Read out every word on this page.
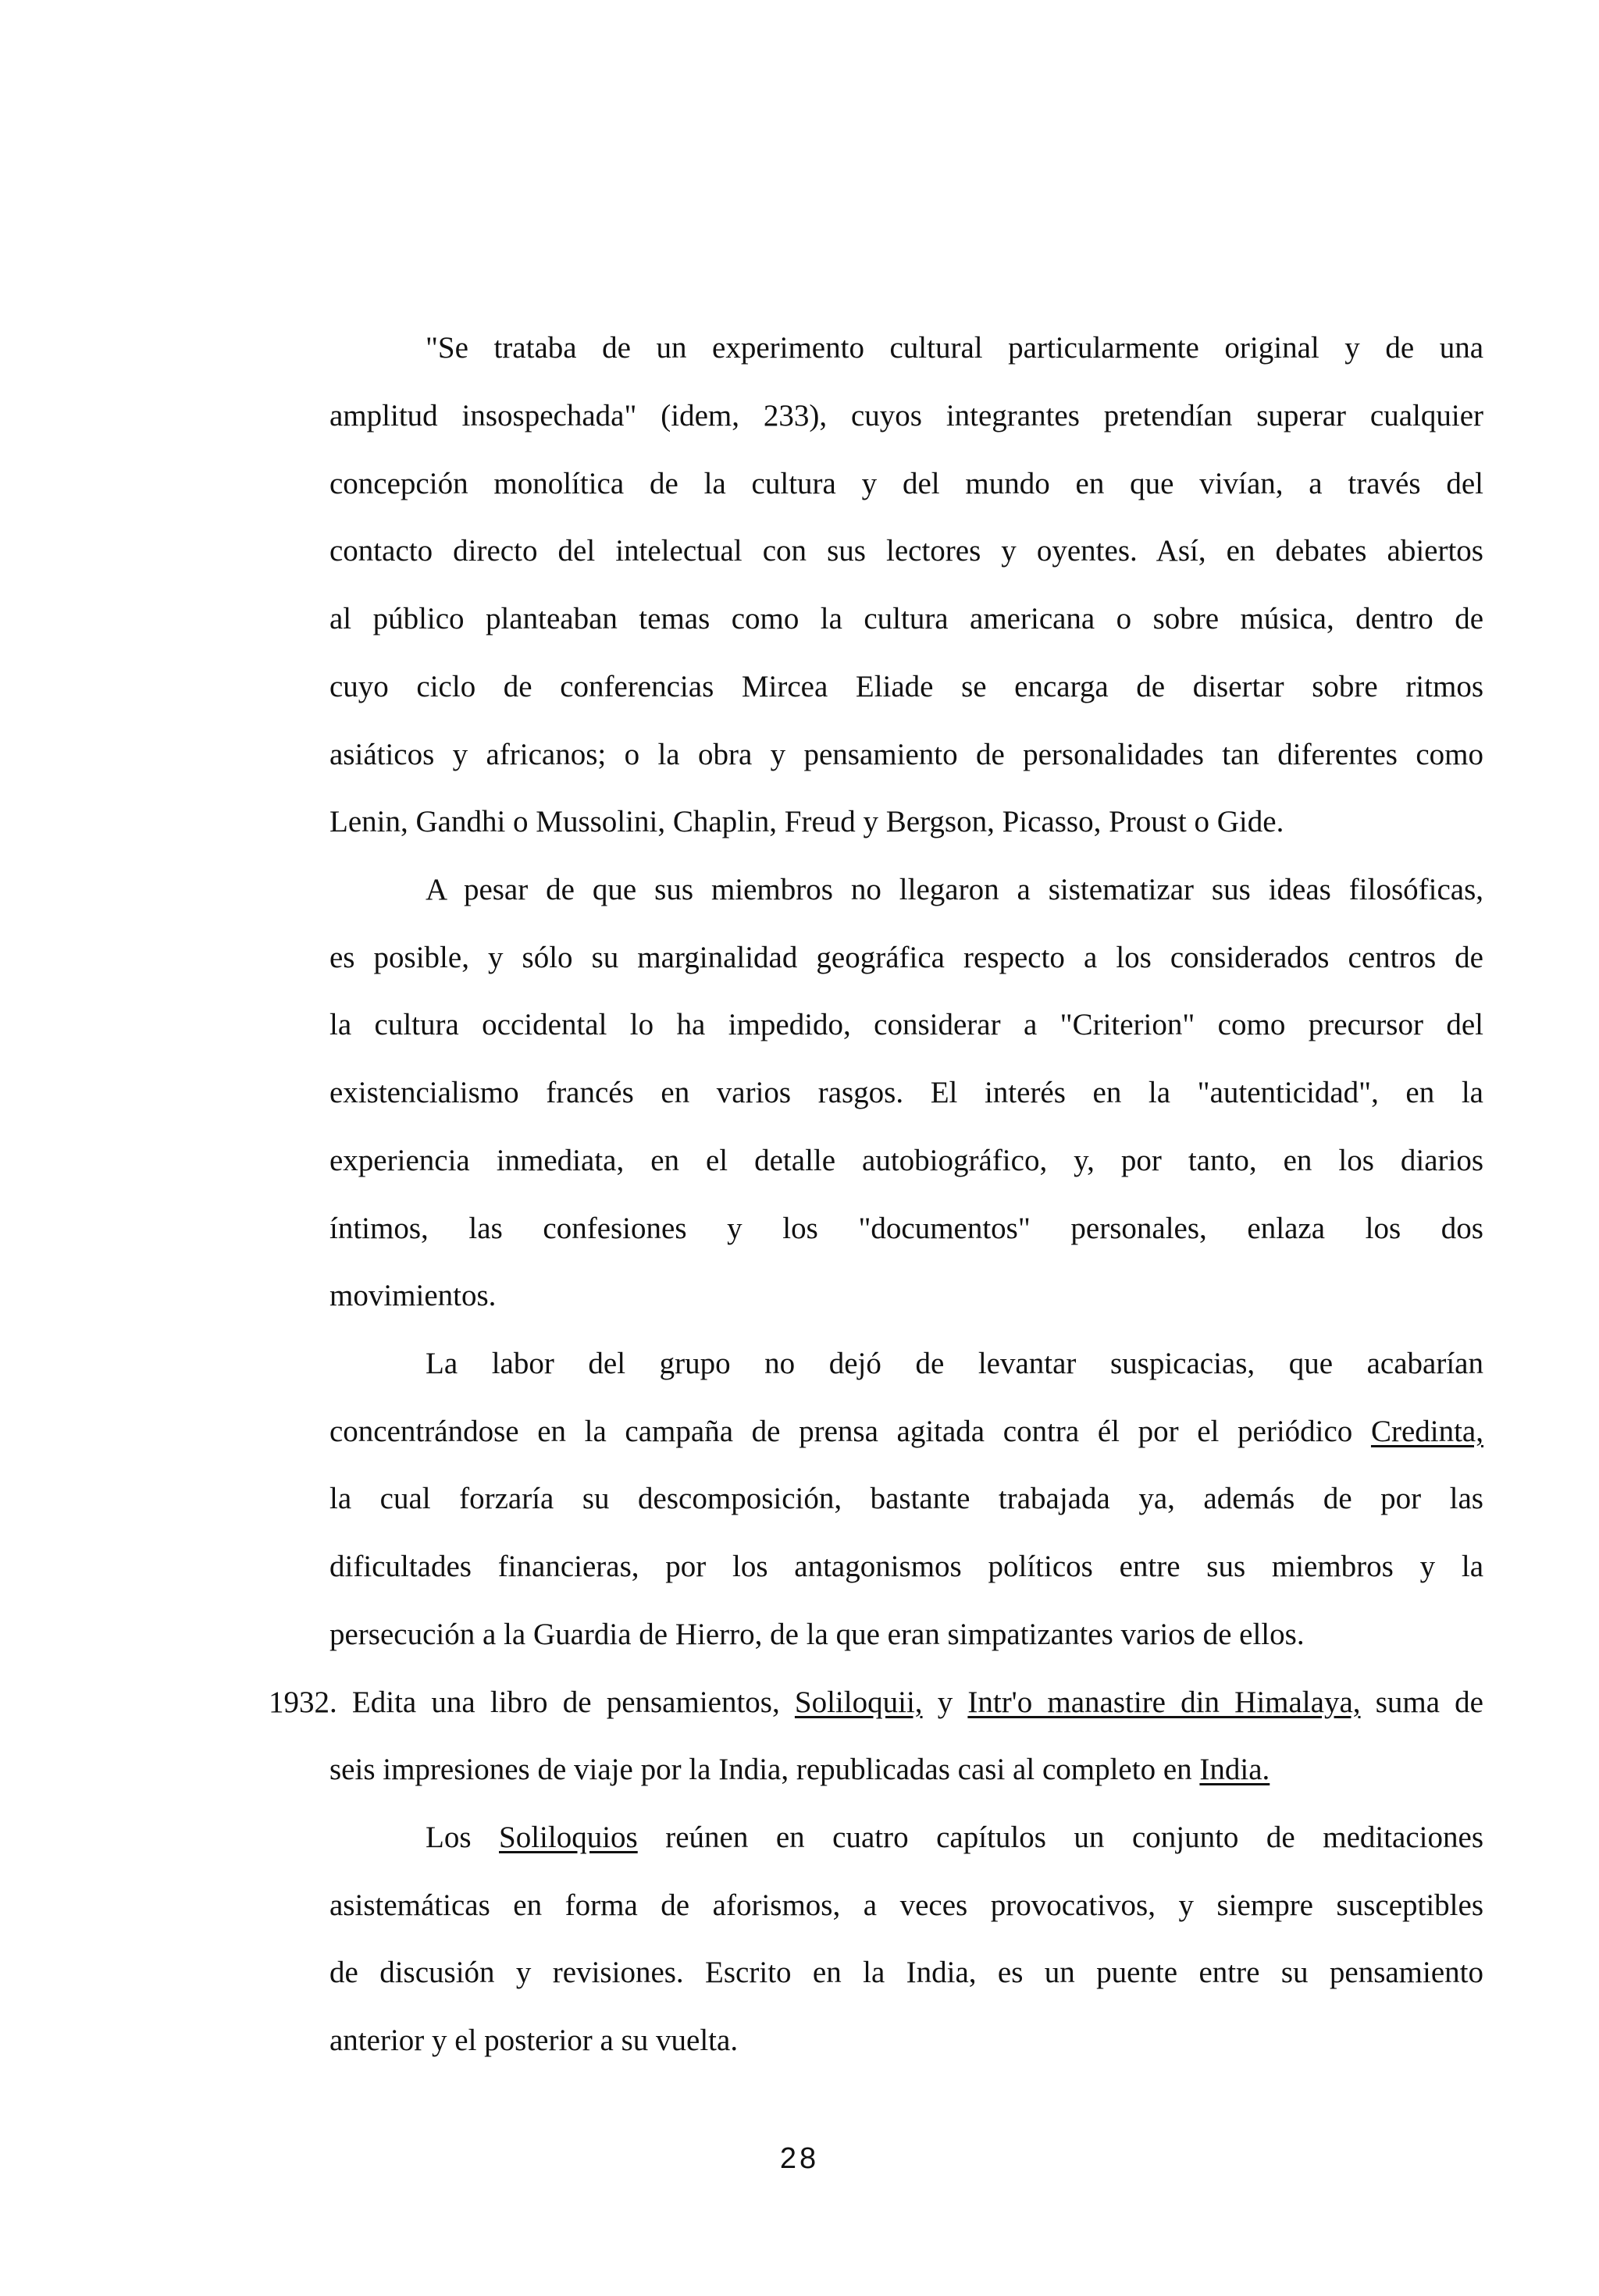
"Se trataba de un experimento cultural particularmente original y de una
amplitud insospechada" (idem, 233), cuyos integrantes pretendían superar cualquier
concepción monolítica de la cultura y del mundo en que vivían, a través del
contacto directo del intelectual con sus lectores y oyentes. Así, en debates abiertos
al público planteaban temas como la cultura americana o sobre música, dentro de
cuyo ciclo de conferencias Mircea Eliade se encarga de disertar sobre ritmos
asiáticos y africanos; o la obra y pensamiento de personalidades tan diferentes como
Lenin, Gandhi o Mussolini, Chaplin, Freud y Bergson, Picasso, Proust o Gide.
A pesar de que sus miembros no llegaron a sistematizar sus ideas filosóficas,
es posible, y sólo su marginalidad geográfica respecto a los considerados centros de
la cultura occidental lo ha impedido, considerar a "Criterion" como precursor del
existencialismo francés en varios rasgos. El interés en la "autenticidad", en la
experiencia inmediata, en el detalle autobiográfico, y, por tanto, en los diarios
íntimos, las confesiones y los "documentos" personales, enlaza los dos
movimientos.
La labor del grupo no dejó de levantar suspicacias, que acabarían
concentrándose en la campaña de prensa agitada contra él por el periódico Credinta,
la cual forzaría su descomposición, bastante trabajada ya, además de por las
dificultades financieras, por los antagonismos políticos entre sus miembros y la
persecución a la Guardia de Hierro, de la que eran simpatizantes varios de ellos.
1932. Edita una libro de pensamientos, Soliloquii, y Intr'o manastire din Himalaya, suma de
seis impresiones de viaje por la India, republicadas casi al completo en India.
Los Soliloquios reúnen en cuatro capítulos un conjunto de meditaciones
asistemáticas en forma de aforismos, a veces provocativos, y siempre susceptibles
de discusión y revisiones. Escrito en la India, es un puente entre su pensamiento
anterior y el posterior a su vuelta.
28
